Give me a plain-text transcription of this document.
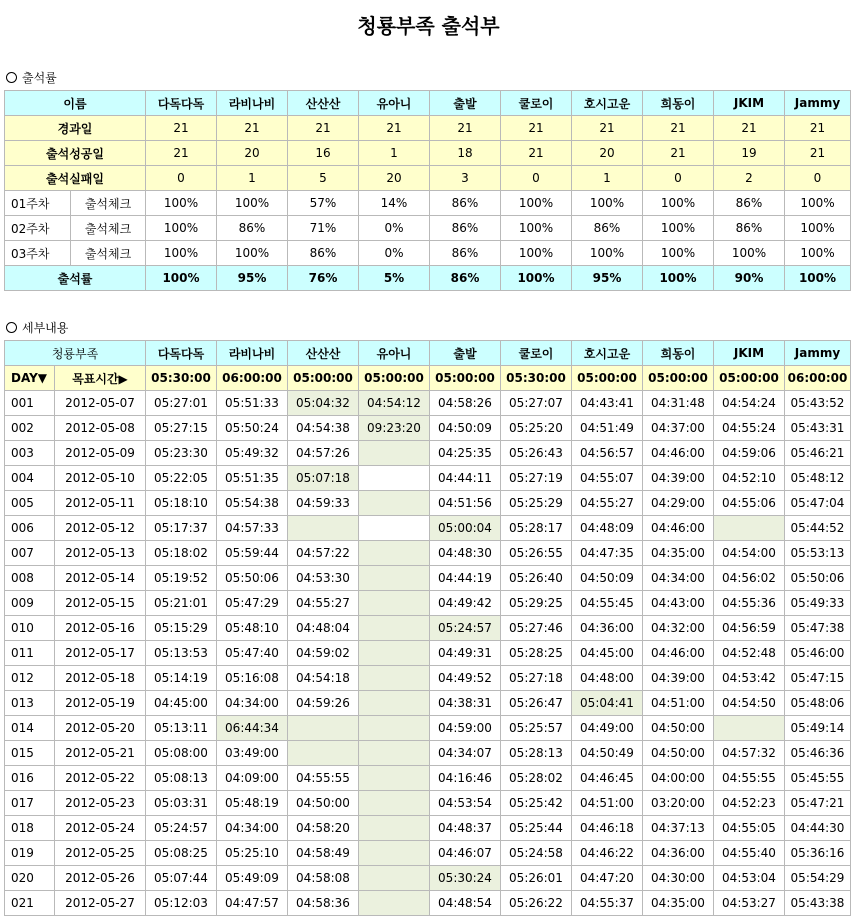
청룡부족 출석부
출석률
이름		다독다독	라비나비	산산산	유아니	출발	쿨로이	호시고운	희동이	JKIM	Jammy
경과일		21	21	21	21	21	21	21	21	21	21
출석성공일		21	20	16	1	18	21	20	21	19	21
출석실패일		0	1	5	20	3	0	1	0	2	0
01주차	출석체크	100%	100%	57%	14%	86%	100%	100%	100%	86%	100%
02주차	출석체크	100%	86%	71%	0%	86%	100%	86%	100%	86%	100%
03주차	출석체크	100%	100%	86%	0%	86%	100%	100%	100%	100%	100%
출석률		100%	95%	76%	5%	86%	100%	95%	100%	90%	100%
세부내용
청룡부족		다독다독	라비나비	산산산	유아니	출발	쿨로이	호시고운	희동이	JKIM	Jammy
DAY▼	목표시간▶	05:30:00	06:00:00	05:00:00	05:00:00	05:00:00	05:30:00	05:00:00	05:00:00	05:00:00	06:00:00
001	2012-05-07	05:27:01	05:51:33	05:04:32	04:54:12	04:58:26	05:27:07	04:43:41	04:31:48	04:54:24	05:43:52
002	2012-05-08	05:27:15	05:50:24	04:54:38	09:23:20	04:50:09	05:25:20	04:51:49	04:37:00	04:55:24	05:43:31
003	2012-05-09	05:23:30	05:49:32	04:57:26		04:25:35	05:26:43	04:56:57	04:46:00	04:59:06	05:46:21
004	2012-05-10	05:22:05	05:51:35	05:07:18		04:44:11	05:27:19	04:55:07	04:39:00	04:52:10	05:48:12
005	2012-05-11	05:18:10	05:54:38	04:59:33		04:51:56	05:25:29	04:55:27	04:29:00	04:55:06	05:47:04
006	2012-05-12	05:17:37	04:57:33			05:00:04	05:28:17	04:48:09	04:46:00		05:44:52
007	2012-05-13	05:18:02	05:59:44	04:57:22		04:48:30	05:26:55	04:47:35	04:35:00	04:54:00	05:53:13
008	2012-05-14	05:19:52	05:50:06	04:53:30		04:44:19	05:26:40	04:50:09	04:34:00	04:56:02	05:50:06
009	2012-05-15	05:21:01	05:47:29	04:55:27		04:49:42	05:29:25	04:55:45	04:43:00	04:55:36	05:49:33
010	2012-05-16	05:15:29	05:48:10	04:48:04		05:24:57	05:27:46	04:36:00	04:32:00	04:56:59	05:47:38
011	2012-05-17	05:13:53	05:47:40	04:59:02		04:49:31	05:28:25	04:45:00	04:46:00	04:52:48	05:46:00
012	2012-05-18	05:14:19	05:16:08	04:54:18		04:49:52	05:27:18	04:48:00	04:39:00	04:53:42	05:47:15
013	2012-05-19	04:45:00	04:34:00	04:59:26		04:38:31	05:26:47	05:04:41	04:51:00	04:54:50	05:48:06
014	2012-05-20	05:13:11	06:44:34			04:59:00	05:25:57	04:49:00	04:50:00		05:49:14
015	2012-05-21	05:08:00	03:49:00			04:34:07	05:28:13	04:50:49	04:50:00	04:57:32	05:46:36
016	2012-05-22	05:08:13	04:09:00	04:55:55		04:16:46	05:28:02	04:46:45	04:00:00	04:55:55	05:45:55
017	2012-05-23	05:03:31	05:48:19	04:50:00		04:53:54	05:25:42	04:51:00	03:20:00	04:52:23	05:47:21
018	2012-05-24	05:24:57	04:34:00	04:58:20		04:48:37	05:25:44	04:46:18	04:37:13	04:55:05	04:44:30
019	2012-05-25	05:08:25	05:25:10	04:58:49		04:46:07	05:24:58	04:46:22	04:36:00	04:55:40	05:36:16
020	2012-05-26	05:07:44	05:49:09	04:58:08		05:30:24	05:26:01	04:47:20	04:30:00	04:53:04	05:54:29
021	2012-05-27	05:12:03	04:47:57	04:58:36		04:48:54	05:26:22	04:55:37	04:35:00	04:53:27	05:43:38
